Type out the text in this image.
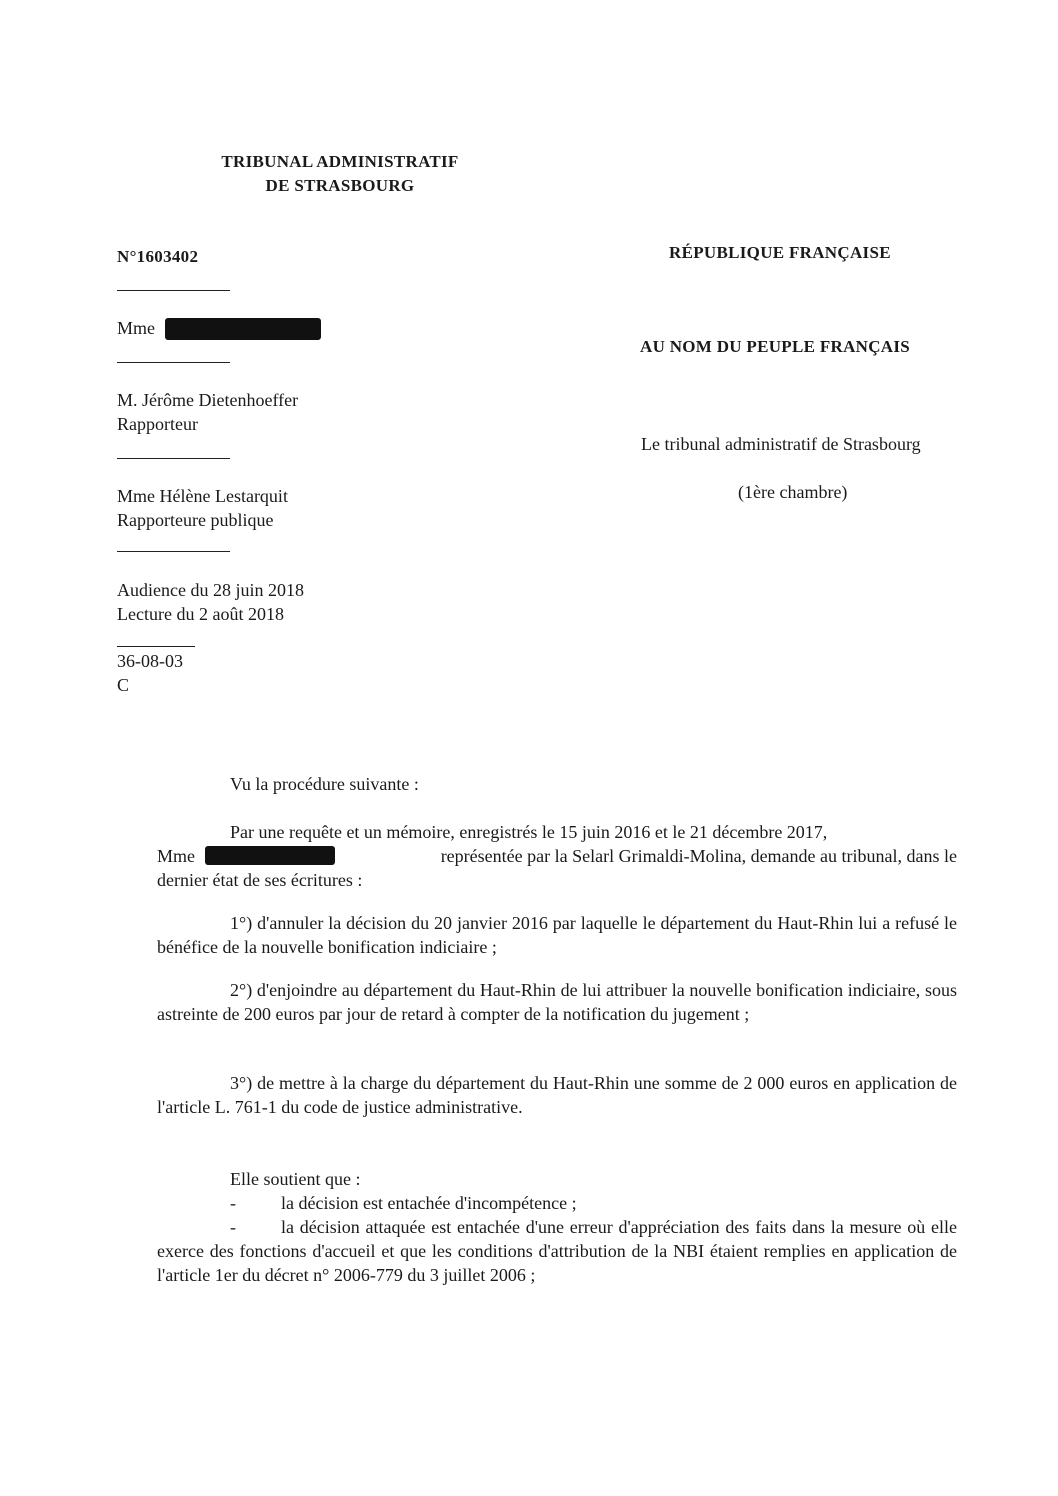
TRIBUNAL ADMINISTRATIF
DE STRASBOURG
N°1603402	RÉPUBLIQUE FRANÇAISE
Mme
AU NOM DU PEUPLE FRANÇAIS
M. Jérôme Dietenhoeffer
Rapporteur
Le tribunal administratif de Strasbourg
(1ère chambre)
Mme Hélène Lestarquit
Rapporteure publique
Audience du 28 juin 2018
Lecture du 2 août 2018
36-08-03
C
Vu la procédure suivante :
Par une requête et un mémoire, enregistrés le 15 juin 2016 et le 21 décembre 2017,
Mme	représentée par la Selarl Grimaldi-Molina, demande au tribunal, dans le
dernier état de ses écritures :
1°) d'annuler la décision du 20 janvier 2016 par laquelle le département du Haut-Rhin lui a refusé le bénéfice de la nouvelle bonification indiciaire ;
2°) d'enjoindre au département du Haut-Rhin de lui attribuer la nouvelle bonification indiciaire, sous astreinte de 200 euros par jour de retard à compter de la notification du jugement ;
3°) de mettre à la charge du département du Haut-Rhin une somme de 2 000 euros en application de l'article L. 761-1 du code de justice administrative.
Elle soutient que :
-	la décision est entachée d'incompétence ;
-	la décision attaquée est entachée d'une erreur d'appréciation des faits dans la mesure où elle exerce des fonctions d'accueil et que les conditions d'attribution de la NBI étaient remplies en application de l'article 1er du décret n° 2006-779 du 3 juillet 2006 ;
